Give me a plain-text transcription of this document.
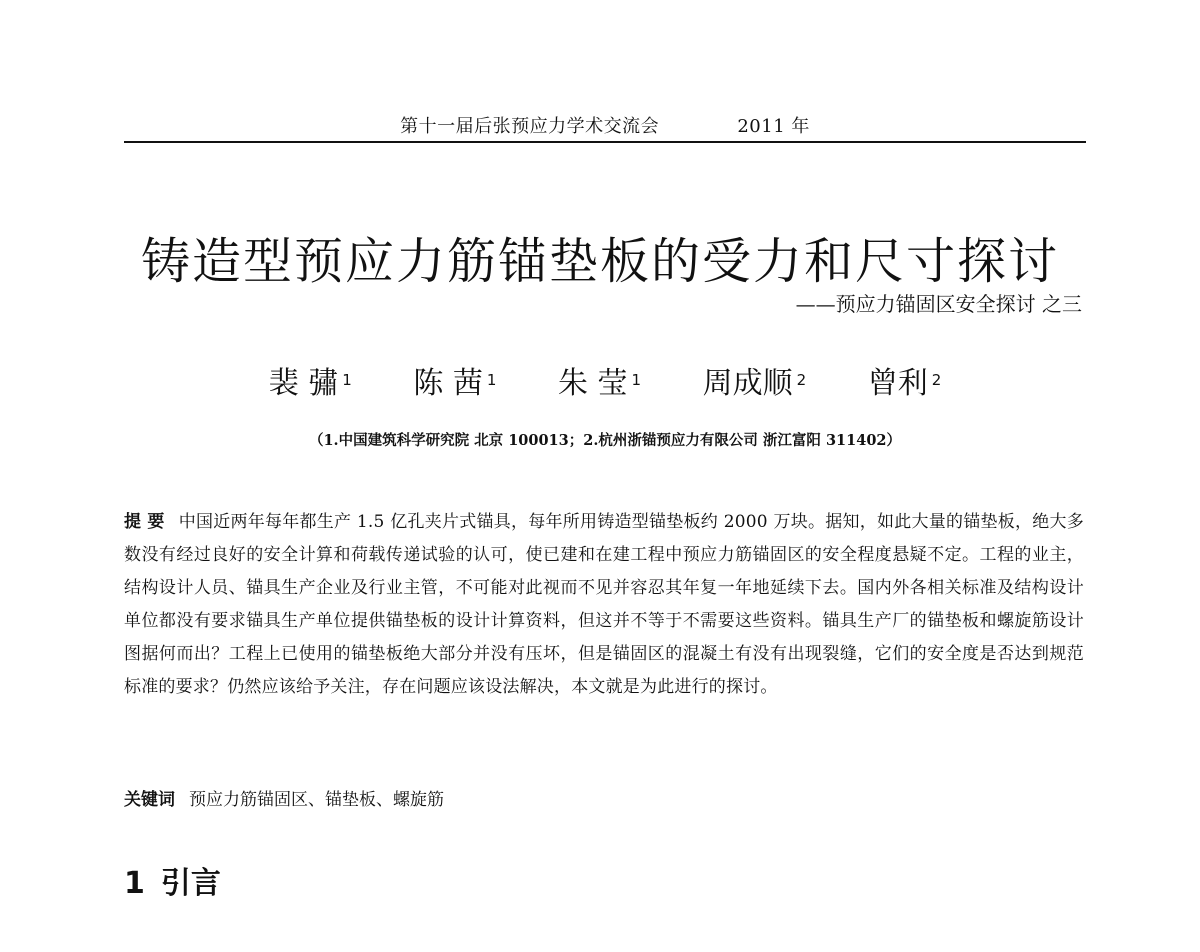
第十一届后张预应力学术交流会	2011 年
铸造型预应力筋锚垫板的受力和尺寸探讨
——预应力锚固区安全探讨 之三
裴 彇 $^1$ 陈 茜 $^1$ 朱 莹 $^1$ 周成顺 $^2$ 曾利 $^2$
（1.中国建筑科学研究院 北京 100013；2.杭州浙锚预应力有限公司 浙江富阳 311402）
提 要 中国近两年每年都生产 1.5 亿孔夹片式锚具，每年所用铸造型锚垫板约 2000 万块。据知，如此大量的锚垫板，绝大多数没有经过良好的安全计算和荷载传递试验的认可，使已建和在建工程中预应力筋锚固区的安全程度悬疑不定。工程的业主，结构设计人员、锚具生产企业及行业主管，不可能对此视而不见并容忍其年复一年地延续下去。国内外各相关标准及结构设计单位都没有要求锚具生产单位提供锚垫板的设计计算资料，但这并不等于不需要这些资料。锚具生产厂的锚垫板和螺旋筋设计图据何而出？工程上已使用的锚垫板绝大部分并没有压坏，但是锚固区的混凝土有没有出现裂缝，它们的安全度是否达到规范标准的要求？仍然应该给予关注，存在问题应该设法解决，本文就是为此进行的探讨。
关键词 预应力筋锚固区、锚垫板、螺旋筋
1 引言
